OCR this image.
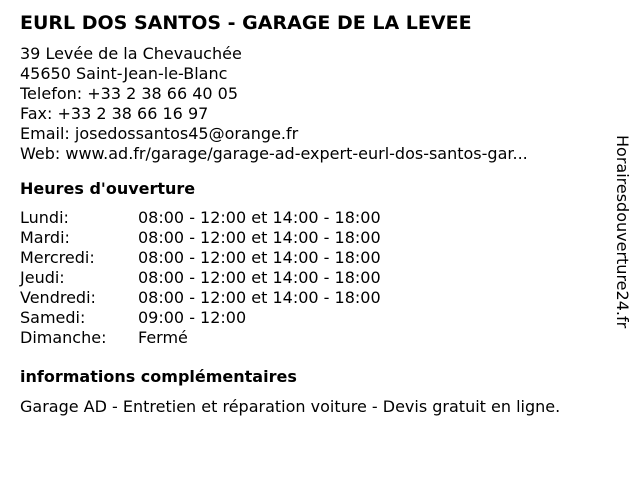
EURL DOS SANTOS - GARAGE DE LA LEVEE
39 Levée de la Chevauchée
45650 Saint-Jean-le-Blanc
Telefon: +33 2 38 66 40 05
Fax: +33 2 38 66 16 97
Email: josedossantos45@orange.fr
Web: www.ad.fr/garage/garage-ad-expert-eurl-dos-santos-gar...
Heures d'ouverture
Lundi:	08:00 - 12:00 et 14:00 - 18:00
Mardi:	08:00 - 12:00 et 14:00 - 18:00
Mercredi:	08:00 - 12:00 et 14:00 - 18:00
Jeudi:	08:00 - 12:00 et 14:00 - 18:00
Vendredi:	08:00 - 12:00 et 14:00 - 18:00
Samedi:	09:00 - 12:00
Dimanche:	Fermé
informations complémentaires
Garage AD - Entretien et réparation voiture - Devis gratuit en ligne.
Horairesdouverture24.fr
